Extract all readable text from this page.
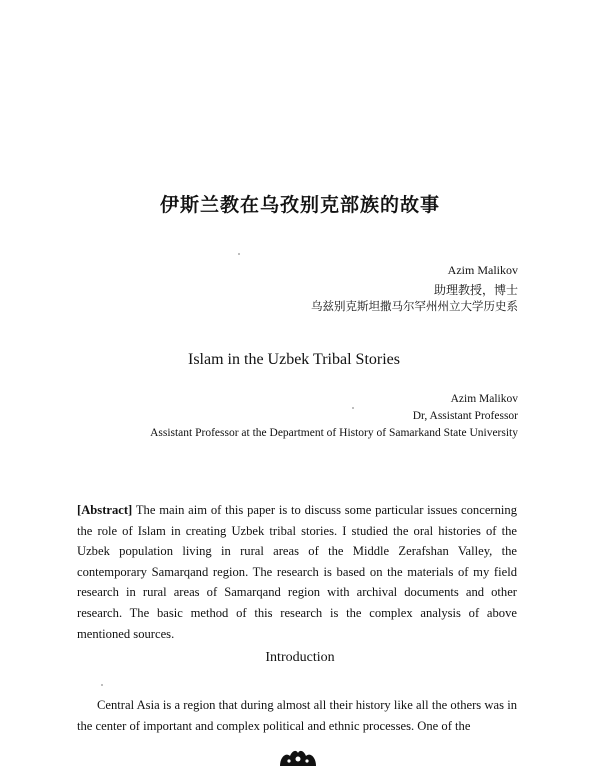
伊斯兰教在乌孜别克部族的故事
Azim Malikov
助理教授，博士
乌兹别克斯坦撒马尔罕州州立大学历史系
Islam in the Uzbek Tribal Stories
Azim Malikov
Dr, Assistant Professor
Assistant Professor at the Department of History of Samarkand State University
[Abstract] The main aim of this paper is to discuss some particular issues concerning the role of Islam in creating Uzbek tribal stories. I studied the oral histories of the Uzbek population living in rural areas of the Middle Zerafshan Valley, the contemporary Samarqand region. The research is based on the materials of my field research in rural areas of Samarqand region with archival documents and other research. The basic method of this research is the complex analysis of above mentioned sources.
Introduction
Central Asia is a region that during almost all their history like all the others was in the center of important and complex political and ethnic processes. One of the
